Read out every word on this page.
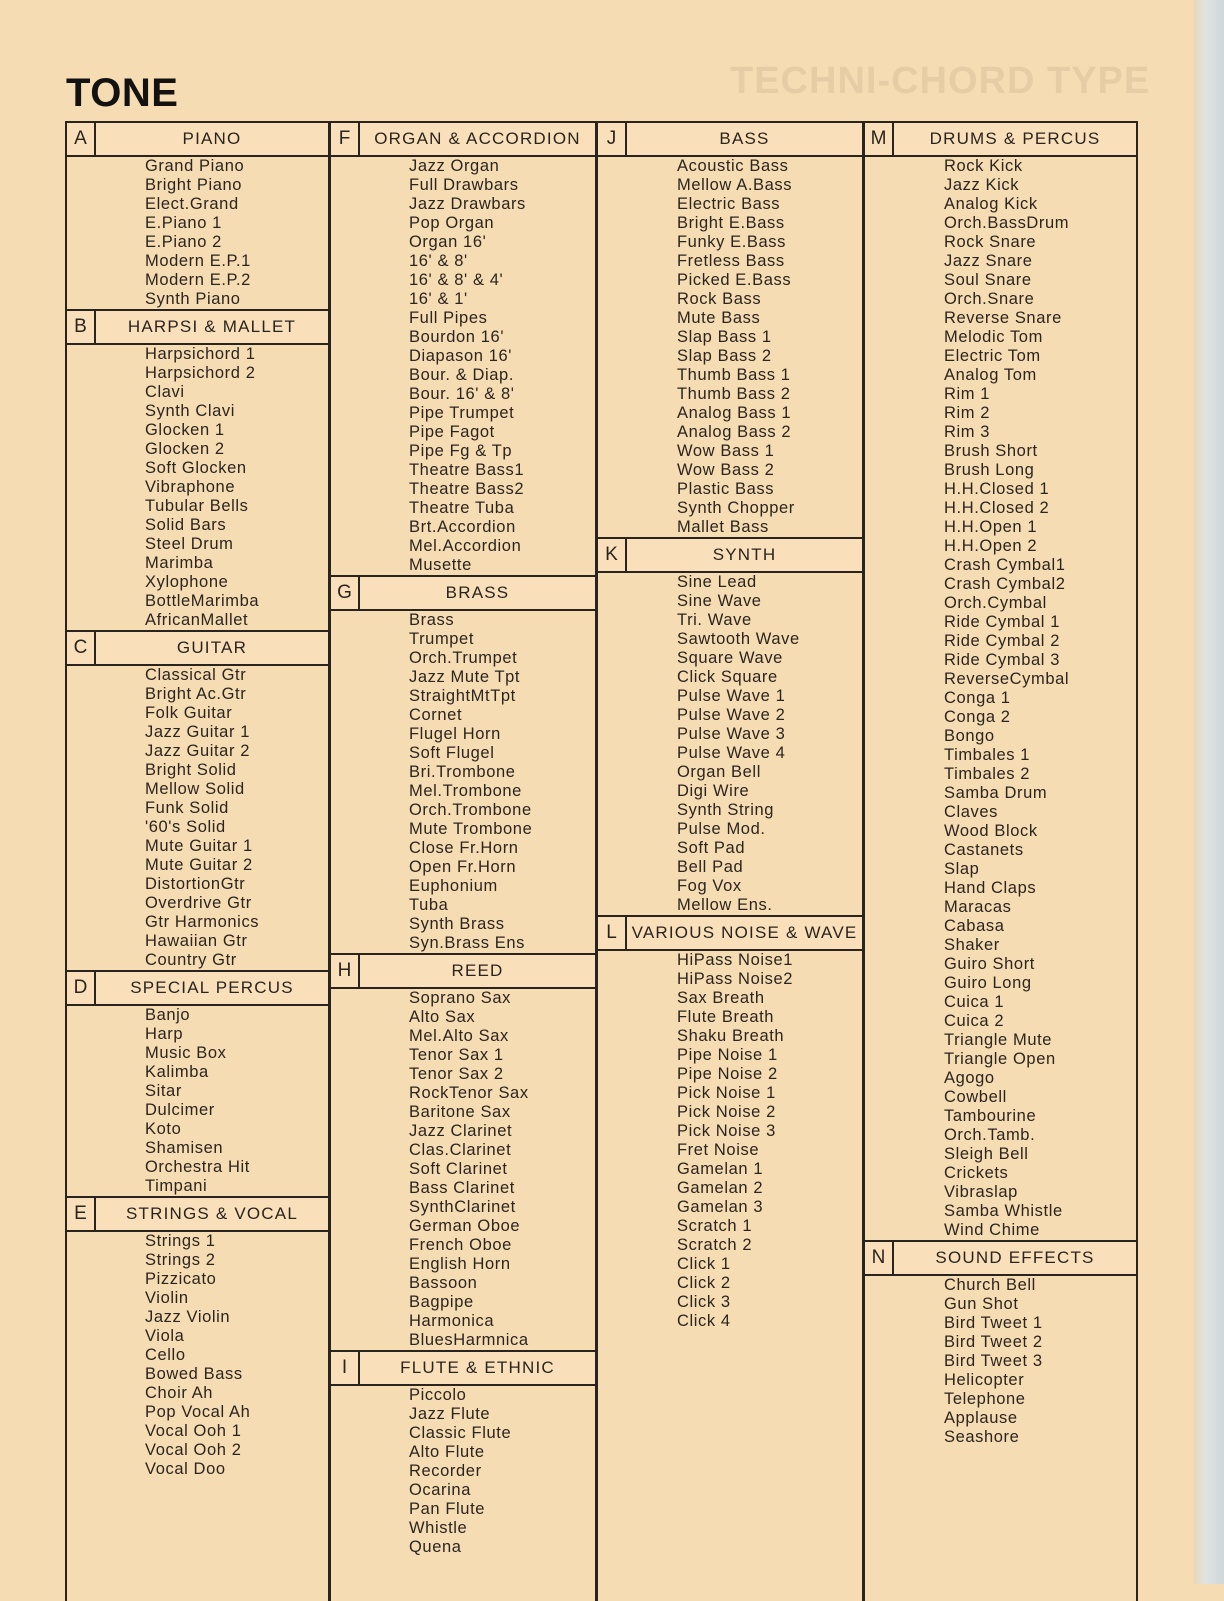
TECHNI-CHORD TYPE
TONE
A	PIANO
Grand Piano
Bright Piano
Elect.Grand
E.Piano 1
E.Piano 2
Modern E.P.1
Modern E.P.2
Synth Piano
B	HARPSI & MALLET
Harpsichord 1
Harpsichord 2
Clavi
Synth Clavi
Glocken 1
Glocken 2
Soft Glocken
Vibraphone
Tubular Bells
Solid Bars
Steel Drum
Marimba
Xylophone
BottleMarimba
AfricanMallet
C	GUITAR
Classical Gtr
Bright Ac.Gtr
Folk Guitar
Jazz Guitar 1
Jazz Guitar 2
Bright Solid
Mellow Solid
Funk Solid
'60's Solid
Mute Guitar 1
Mute Guitar 2
DistortionGtr
Overdrive Gtr
Gtr Harmonics
Hawaiian Gtr
Country Gtr
D	SPECIAL PERCUS
Banjo
Harp
Music Box
Kalimba
Sitar
Dulcimer
Koto
Shamisen
Orchestra Hit
Timpani
E	STRINGS & VOCAL
Strings 1
Strings 2
Pizzicato
Violin
Jazz Violin
Viola
Cello
Bowed Bass
Choir Ah
Pop Vocal Ah
Vocal Ooh 1
Vocal Ooh 2
Vocal Doo
F	ORGAN & ACCORDION
Jazz Organ
Full Drawbars
Jazz Drawbars
Pop Organ
Organ 16'
16' & 8'
16' & 8' & 4'
16' & 1'
Full Pipes
Bourdon 16'
Diapason 16'
Bour. & Diap.
Bour. 16' & 8'
Pipe Trumpet
Pipe Fagot
Pipe Fg & Tp
Theatre Bass1
Theatre Bass2
Theatre Tuba
Brt.Accordion
Mel.Accordion
Musette
G	BRASS
Brass
Trumpet
Orch.Trumpet
Jazz Mute Tpt
StraightMtTpt
Cornet
Flugel Horn
Soft Flugel
Bri.Trombone
Mel.Trombone
Orch.Trombone
Mute Trombone
Close Fr.Horn
Open Fr.Horn
Euphonium
Tuba
Synth Brass
Syn.Brass Ens
H	REED
Soprano Sax
Alto Sax
Mel.Alto Sax
Tenor Sax 1
Tenor Sax 2
RockTenor Sax
Baritone Sax
Jazz Clarinet
Clas.Clarinet
Soft Clarinet
Bass Clarinet
SynthClarinet
German Oboe
French Oboe
English Horn
Bassoon
Bagpipe
Harmonica
BluesHarmnica
I	FLUTE & ETHNIC
Piccolo
Jazz Flute
Classic Flute
Alto Flute
Recorder
Ocarina
Pan Flute
Whistle
Quena
J	BASS
Acoustic Bass
Mellow A.Bass
Electric Bass
Bright E.Bass
Funky E.Bass
Fretless Bass
Picked E.Bass
Rock Bass
Mute Bass
Slap Bass 1
Slap Bass 2
Thumb Bass 1
Thumb Bass 2
Analog Bass 1
Analog Bass 2
Wow Bass 1
Wow Bass 2
Plastic Bass
Synth Chopper
Mallet Bass
K	SYNTH
Sine Lead
Sine Wave
Tri. Wave
Sawtooth Wave
Square Wave
Click Square
Pulse Wave 1
Pulse Wave 2
Pulse Wave 3
Pulse Wave 4
Organ Bell
Digi Wire
Synth String
Pulse Mod.
Soft Pad
Bell Pad
Fog Vox
Mellow Ens.
L VARIOUS NOISE & WAVE
HiPass Noise1
HiPass Noise2
Sax Breath
Flute Breath
Shaku Breath
Pipe Noise 1
Pipe Noise 2
Pick Noise 1
Pick Noise 2
Pick Noise 3
Fret Noise
Gamelan 1
Gamelan 2
Gamelan 3
Scratch 1
Scratch 2
Click 1
Click 2
Click 3
Click 4
M	DRUMS & PERCUS
Rock Kick
Jazz Kick
Analog Kick
Orch.BassDrum
Rock Snare
Jazz Snare
Soul Snare
Orch.Snare
Reverse Snare
Melodic Tom
Electric Tom
Analog Tom
Rim 1
Rim 2
Rim 3
Brush Short
Brush Long
H.H.Closed 1
H.H.Closed 2
H.H.Open 1
H.H.Open 2
Crash Cymbal1
Crash Cymbal2
Orch.Cymbal
Ride Cymbal 1
Ride Cymbal 2
Ride Cymbal 3
ReverseCymbal
Conga 1
Conga 2
Bongo
Timbales 1
Timbales 2
Samba Drum
Claves
Wood Block
Castanets
Slap
Hand Claps
Maracas
Cabasa
Shaker
Guiro Short
Guiro Long
Cuica 1
Cuica 2
Triangle Mute
Triangle Open
Agogo
Cowbell
Tambourine
Orch.Tamb.
Sleigh Bell
Crickets
Vibraslap
Samba Whistle
Wind Chime
N	SOUND EFFECTS
Church Bell
Gun Shot
Bird Tweet 1
Bird Tweet 2
Bird Tweet 3
Helicopter
Telephone
Applause
Seashore
